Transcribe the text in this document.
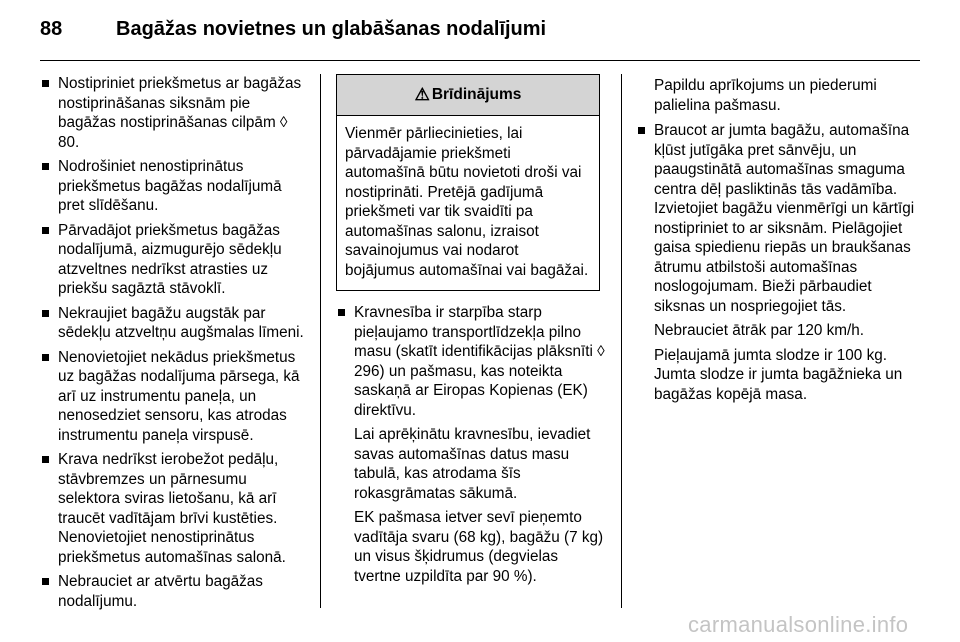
88	Bagāžas novietnes un glabāšanas nodalījumi
Nostipriniet priekšmetus ar bagāžas nostiprināšanas siksnām pie bagāžas nostiprināšanas cilpām ◊ 80.
Nodrošiniet nenostiprinātus priekšmetus bagāžas nodalījumā pret slīdēšanu.
Pārvadājot priekšmetus bagāžas nodalījumā, aizmugurējo sēdekļu atzveltnes nedrīkst atrasties uz priekšu sagāztā stāvoklī.
Nekraujiet bagāžu augstāk par sēdekļu atzveltņu augšmalas līmeni.
Nenovietojiet nekādus priekšmetus uz bagāžas nodalījuma pārsega, kā arī uz instrumentu paneļa, un nenosedziet sensoru, kas atrodas instrumentu paneļa virspusē.
Krava nedrīkst ierobežot pedāļu, stāvbremzes un pārnesumu selektora sviras lietošanu, kā arī traucēt vadītājam brīvi kustēties. Nenovietojiet nenostiprinātus priekšmetus automašīnas salonā.
Nebrauciet ar atvērtu bagāžas nodalījumu.
⚠ Brīdinājums
Vienmēr pārliecinieties, lai pārvadājamie priekšmeti automašīnā būtu novietoti droši vai nostiprināti. Pretējā gadījumā priekšmeti var tik svaidīti pa automašīnas salonu, izraisot savainojumus vai nodarot bojājumus automašīnai vai bagāžai.
Kravnesība ir starpība starp pieļaujamo transportlīdzekļa pilno masu (skatīt identifikācijas plāksnīti ◊ 296) un pašmasu, kas noteikta saskaņā ar Eiropas Kopienas (EK) direktīvu.
Lai aprēķinātu kravnesību, ievadiet savas automašīnas datus masu tabulā, kas atrodama šīs rokasgrāmatas sākumā.
EK pašmasa ietver sevī pieņemto vadītāja svaru (68 kg), bagāžu (7 kg) un visus šķidrumus (degvielas tvertne uzpildīta par 90 %).
Papildu aprīkojums un piederumi palielina pašmasu.
Braucot ar jumta bagāžu, automašīna kļūst jutīgāka pret sānvēju, un paaugstinātā automašīnas smaguma centra dēļ pasliktinās tās vadāmība. Izvietojiet bagāžu vienmērīgi un kārtīgi nostipriniet to ar siksnām. Pielāgojiet gaisa spiedienu riepās un braukšanas ātrumu atbilstoši automašīnas noslogojumam. Bieži pārbaudiet siksnas un nospriegojiet tās.
Nebrauciet ātrāk par 120 km/h.
Pieļaujamā jumta slodze ir 100 kg. Jumta slodze ir jumta bagāžnieka un bagāžas kopējā masa.
carmanualsonline.info
